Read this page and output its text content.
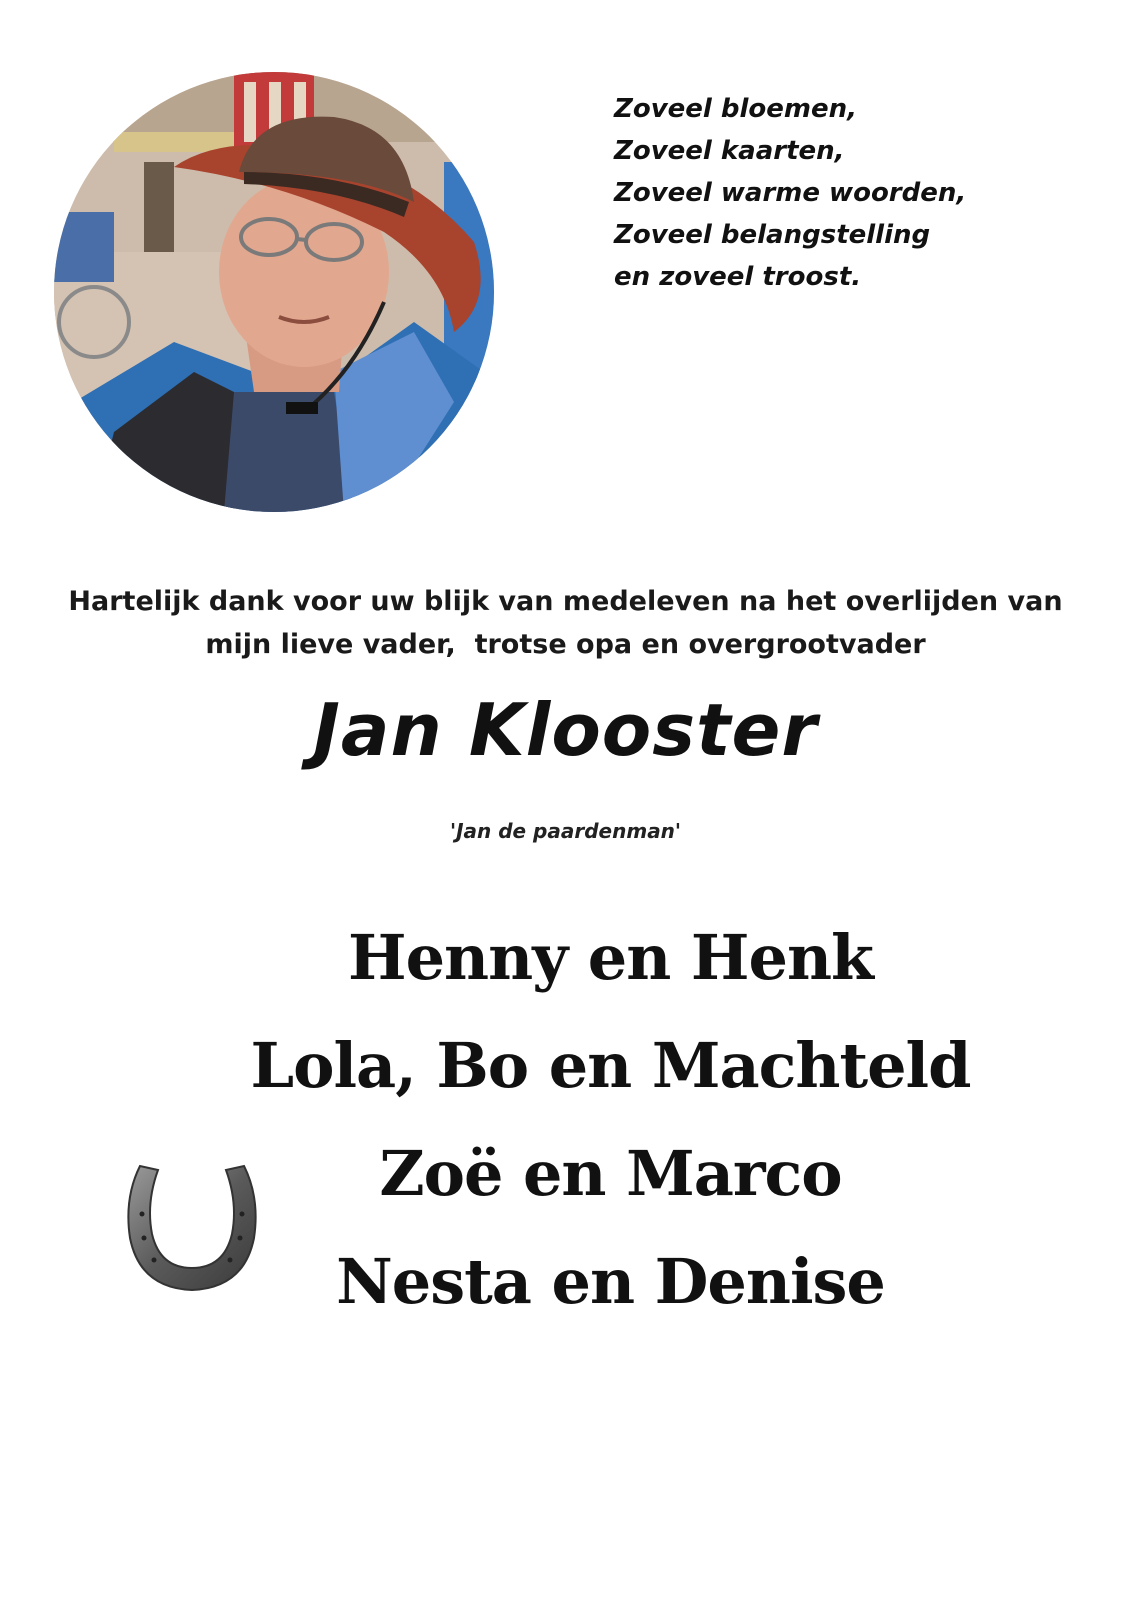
Zoveel bloemen,
Zoveel kaarten,
Zoveel warme woorden,
Zoveel belangstelling
en zoveel troost.

Hartelijk dank voor uw blijk van medeleven na het overlijden van
mijn lieve vader,  trotse opa en overgrootvader

Jan Klooster
'Jan de paardenman'
Henny en Henk
Lola, Bo en Machteld
Zoë en Marco
Nesta en Denise
